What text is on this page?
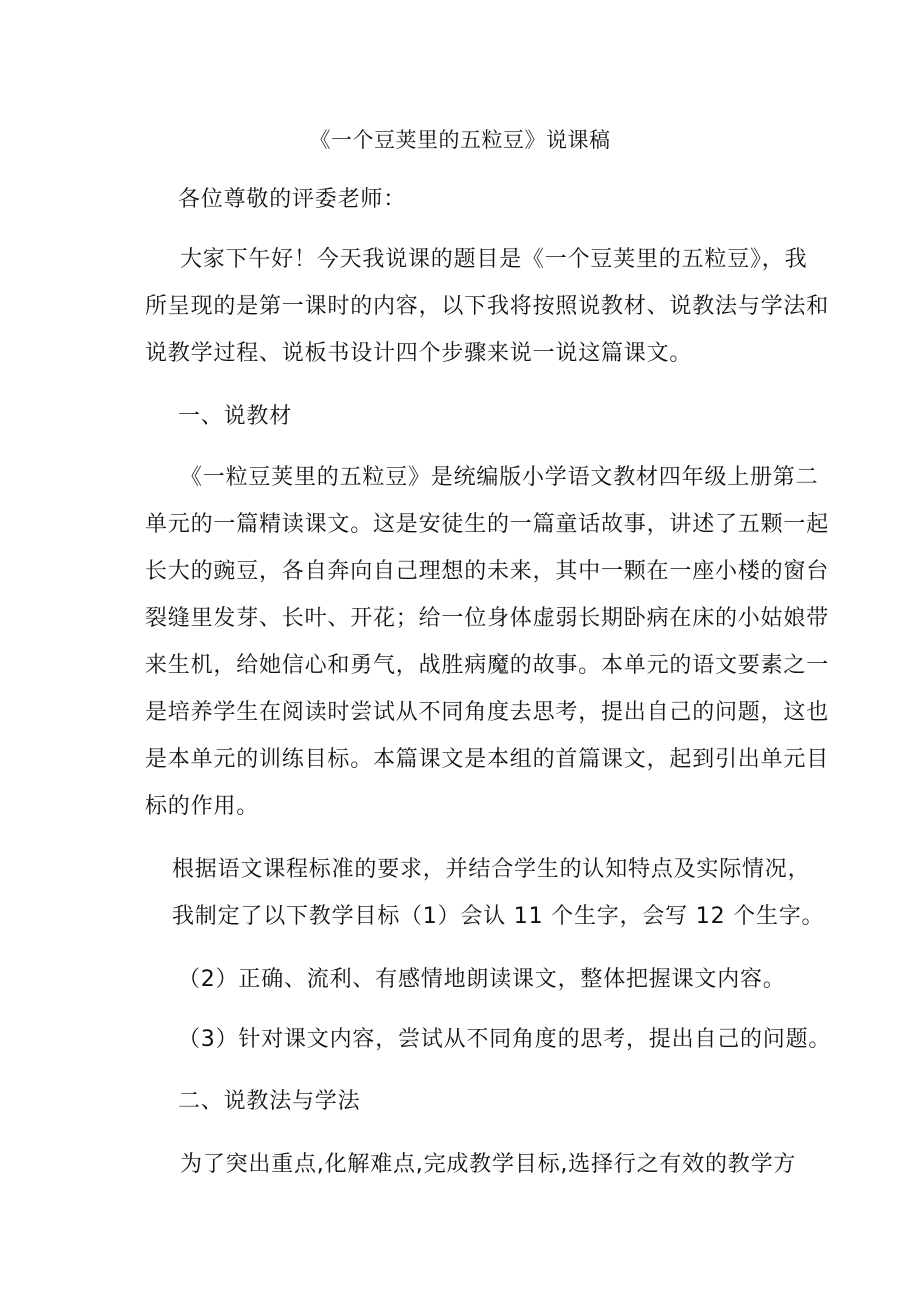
《一个豆荚里的五粒豆》说课稿
各位尊敬的评委老师：
大家下午好！今天我说课的题目是《一个豆荚里的五粒豆》，我
所呈现的是第一课时的内容，以下我将按照说教材、说教法与学法和
说教学过程、说板书设计四个步骤来说一说这篇课文。
一、说教材
《一粒豆荚里的五粒豆》是统编版小学语文教材四年级上册第二
单元的一篇精读课文。这是安徒生的一篇童话故事，讲述了五颗一起
长大的豌豆，各自奔向自己理想的未来，其中一颗在一座小楼的窗台
裂缝里发芽、长叶、开花；给一位身体虚弱长期卧病在床的小姑娘带
来生机，给她信心和勇气，战胜病魔的故事。本单元的语文要素之一
是培养学生在阅读时尝试从不同角度去思考，提出自己的问题，这也
是本单元的训练目标。本篇课文是本组的首篇课文，起到引出单元目
标的作用。
根据语文课程标准的要求，并结合学生的认知特点及实际情况，
我制定了以下教学目标（1）会认 11 个生字，会写 12 个生字。
（2）正确、流利、有感情地朗读课文，整体把握课文内容。
（3）针对课文内容，尝试从不同角度的思考，提出自己的问题。
二、说教法与学法
为了突出重点,化解难点,完成教学目标,选择行之有效的教学方
